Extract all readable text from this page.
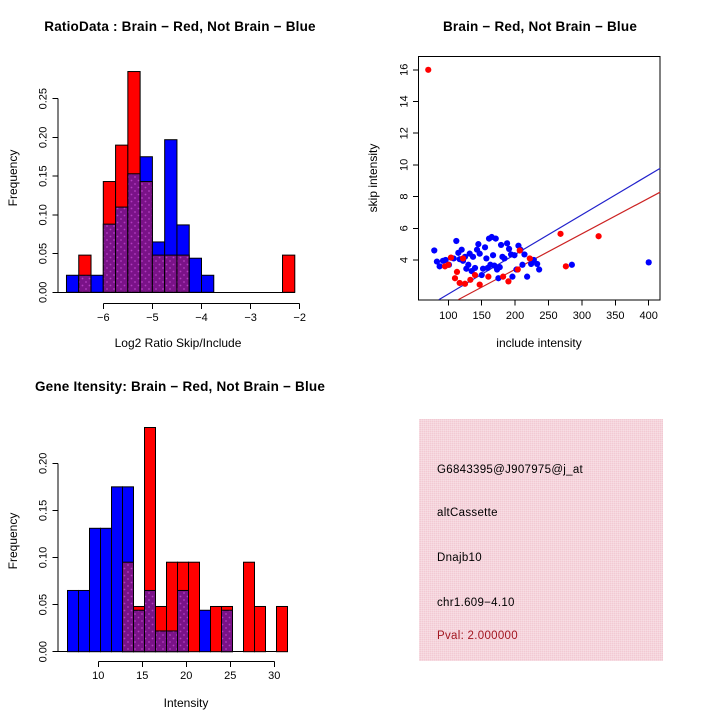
RatioData : Brain − Red, Not Brain − Blue
Frequency
Log2 Ratio Skip/Include
0.00
0.05
0.10
0.15
0.20
0.25
−6	−5	−4	−3	−2
Brain − Red, Not Brain − Blue
skip intensity
include intensity
100 150 200 250 300 350 400
4
6
8
10
12
14
16
Gene Itensity: Brain − Red, Not Brain − Blue
Frequency
Intensity
0.00
0.05
0.10
0.15
0.20
10	15	20	25	30
G6843395@J907975@j_at
altCassette
Dnajb10
chr1.609−4.10
Pval: 2.000000
